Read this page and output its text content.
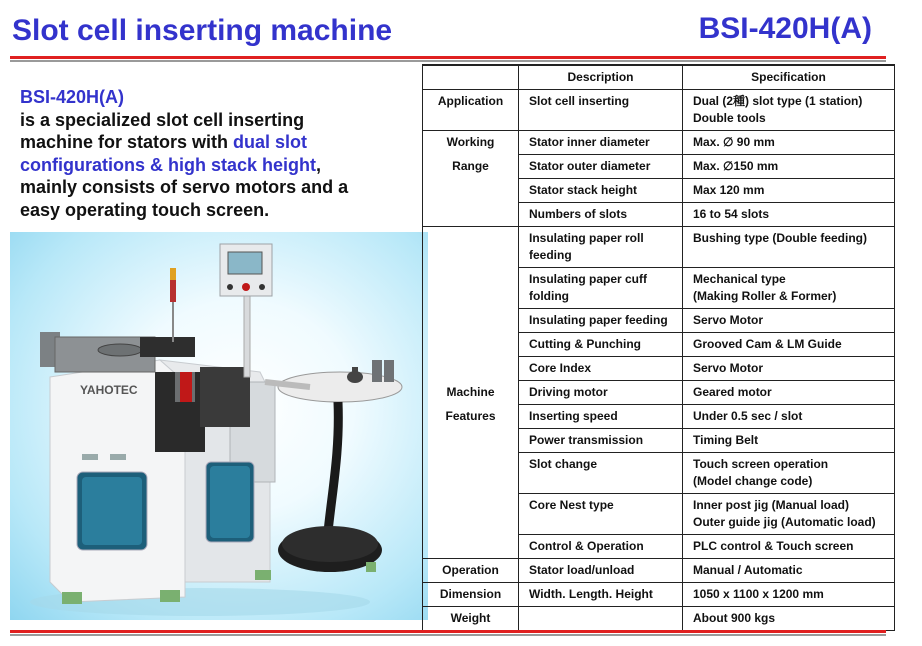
Slot cell inserting machine	BSI-420H(A)
BSI-420H(A)
is a specialized slot cell inserting machine for stators with dual slot configurations & high stack height, mainly consists of servo motors and a easy operating touch screen.
YAHOTEC
	Description	Specification
Application	Slot cell inserting	Dual (2種) slot type (1 station)
Double tools

Working	Stator inner diameter	Max. ∅ 90 mm

Range	Stator outer diameter	Max. ∅150 mm

	Stator stack height	Max 120 mm

	Numbers of slots	16 to 54 slots

	Insulating paper roll feeding	Bushing type (Double feeding)

	Insulating paper cuff folding	Mechanical type
(Making Roller & Former)

	Insulating paper feeding	Servo Motor

	Cutting & Punching	Grooved Cam & LM Guide

	Core Index	Servo Motor

Machine	Driving motor	Geared motor

Features	Inserting speed	Under 0.5 sec / slot

	Power transmission	Timing Belt

	Slot change	Touch screen operation
(Model change code)

	Core Nest type	Inner post jig (Manual load)
Outer guide jig (Automatic load)

	Control & Operation	PLC control & Touch screen

Operation	Stator load/unload	Manual / Automatic

Dimension	Width. Length. Height	1050 x 1100 x 1200 mm

Weight		About 900 kgs
